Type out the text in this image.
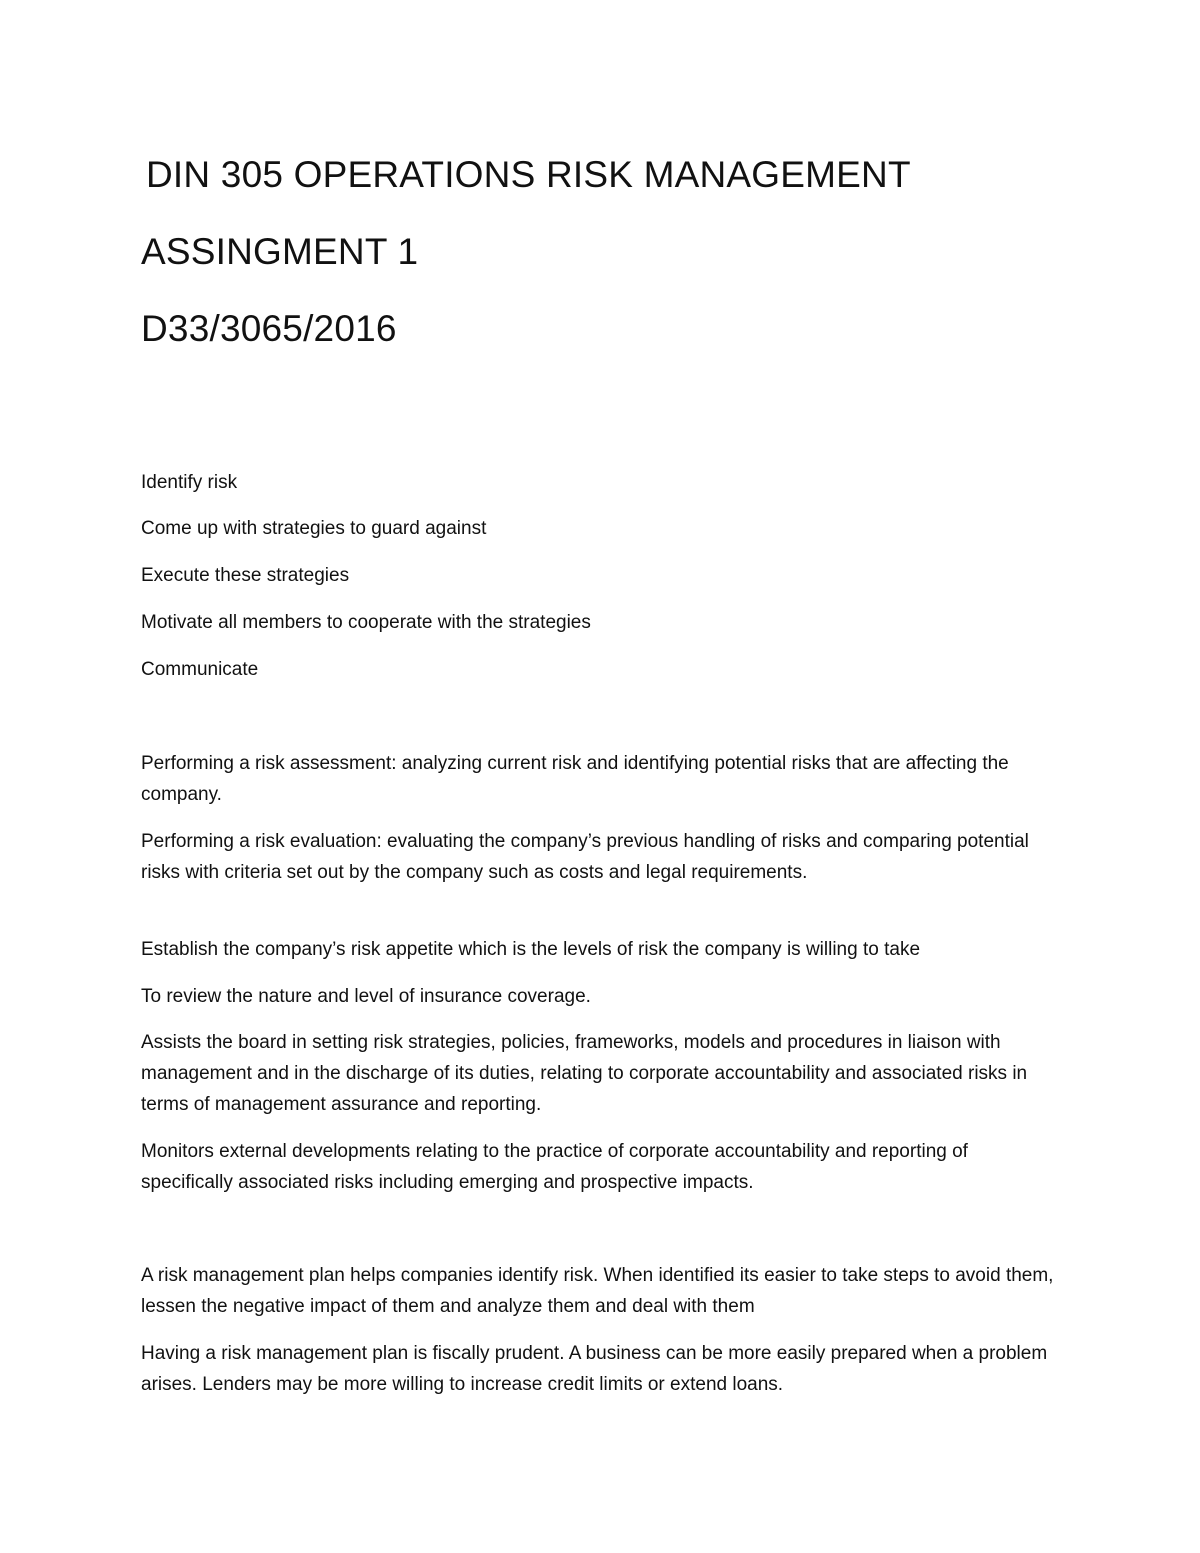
DIN 305 OPERATIONS RISK MANAGEMENT
ASSINGMENT 1
D33/3065/2016

Identify risk

Come up with strategies to guard against

Execute these strategies

Motivate all members to cooperate with the strategies

Communicate

Performing a risk assessment: analyzing current risk and identifying potential risks that are affecting the company.

Performing a risk evaluation: evaluating the company’s previous handling of risks and comparing potential risks with criteria set out by the company such as costs and legal requirements.

Establish the company’s risk appetite which is the levels of risk the company is willing to take

To review the nature and level of insurance coverage.

Assists the board in setting risk strategies, policies, frameworks, models and procedures in liaison with management and in the discharge of its duties, relating to corporate accountability and associated risks in terms of management assurance and reporting.

Monitors external developments relating to the practice of corporate accountability and reporting of specifically associated risks including emerging and prospective impacts.

A risk management plan helps companies identify risk. When identified its easier to take steps to avoid them, lessen the negative impact of them and analyze them and deal with them

Having a risk management plan is fiscally prudent. A business can be more easily prepared when a problem arises. Lenders may be more willing to increase credit limits or extend loans.
